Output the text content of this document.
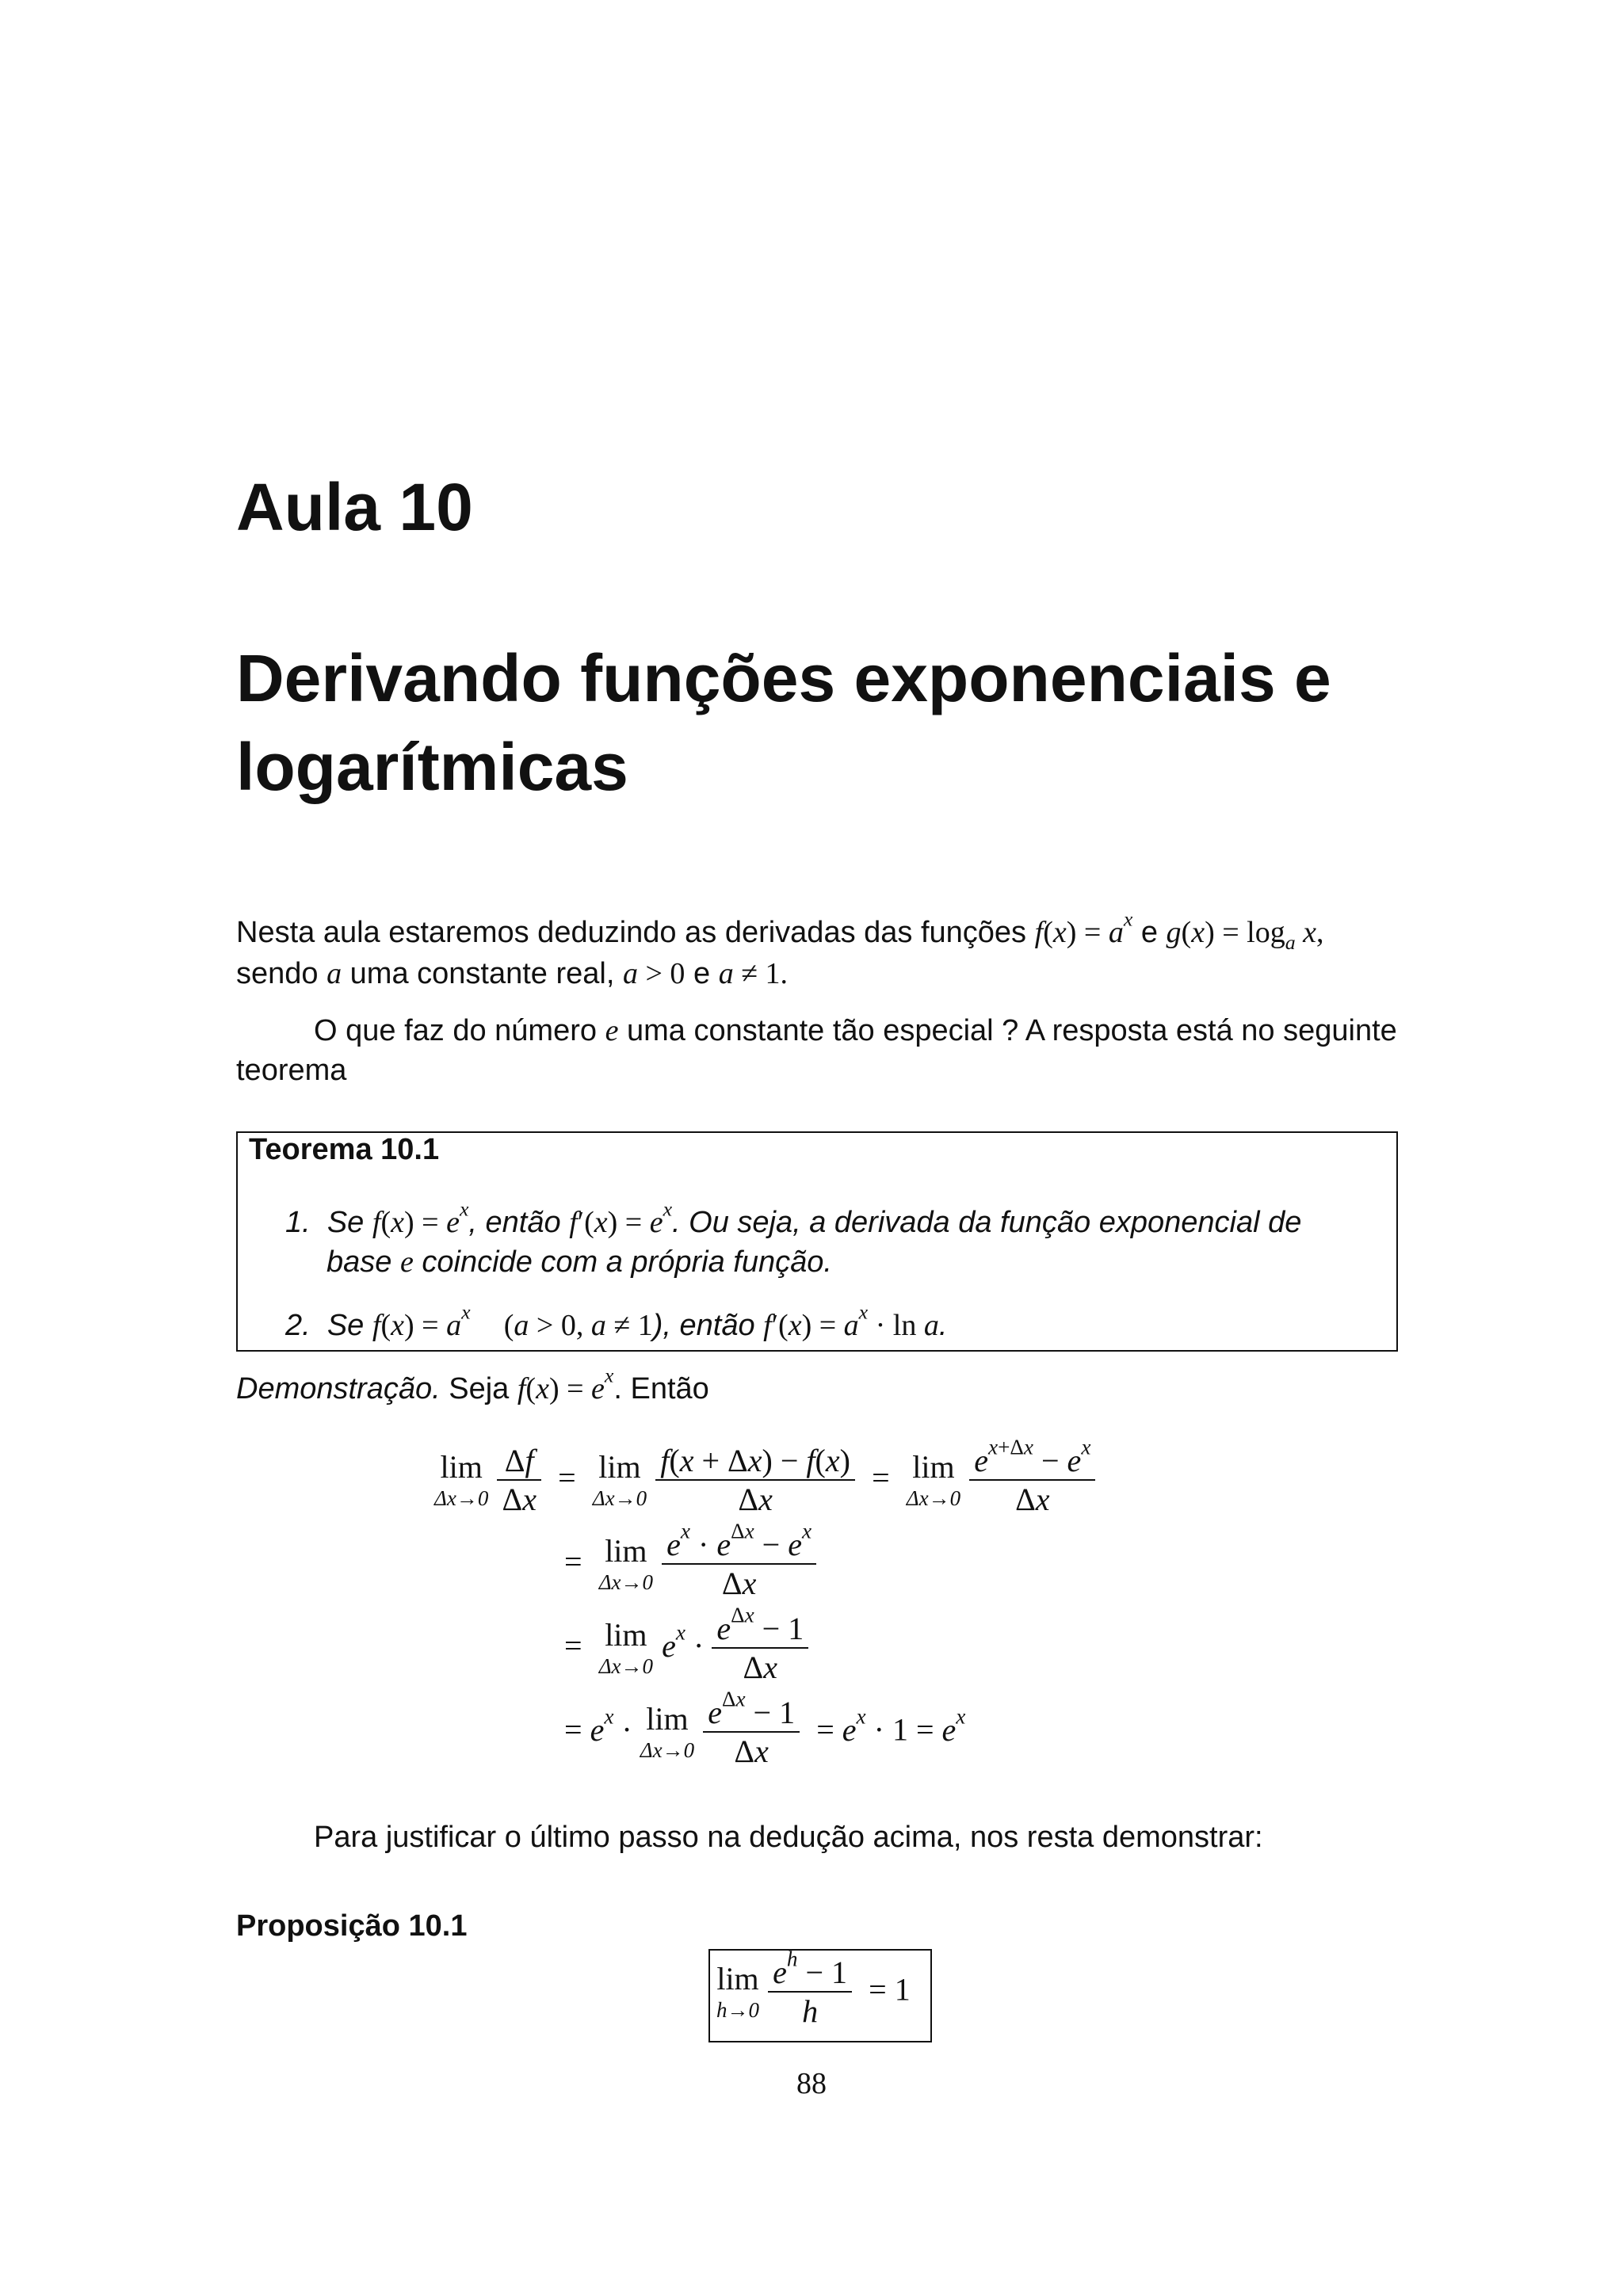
Aula 10
Derivando funções exponenciais e
logarítmicas
Nesta aula estaremos deduzindo as derivadas das funções $f(x) = a^x$ e $g(x) = \log_a x$,
sendo a uma constante real, a > 0 e a ≠ 1.
O que faz do número e uma constante tão especial ? A resposta está no seguinte
teorema
Teorema 10.1
1. Se $f(x) = e^x$, então $f'(x) = e^x$. Ou seja, a derivada da função exponencial de
base e coincide com a própria função.
2. Se $f(x) = a^x$ (a > 0, a ≠ 1), então $f'(x) = a^x \cdot \ln a$.
Demonstração. Seja $f(x) = e^x$. Então
lim
Δx→0
$\frac{\Delta f}{\Delta x} = \lim$
Δx→0
$\frac{f(x + \Delta x) - f(x)}{\Delta x} = \lim$
Δx→0
$\frac{e^{x+\Delta x} - e^x}{\Delta x}$
= lim
Δx→0
$\frac{e^x \cdot e^{\Delta x} - e^x}{\Delta x}$
= lim
Δx→0
$e^x \cdot \frac{e^{\Delta x} - 1}{\Delta x}$
= $e^x \cdot \lim$
Δx→0
$\frac{e^{\Delta x} - 1}{\Delta x} = e^x \cdot 1 = e^x$
Para justificar o último passo na dedução acima, nos resta demonstrar:
Proposição 10.1
lim
h→0
$\frac{e^h - 1}{h} = 1$
88
